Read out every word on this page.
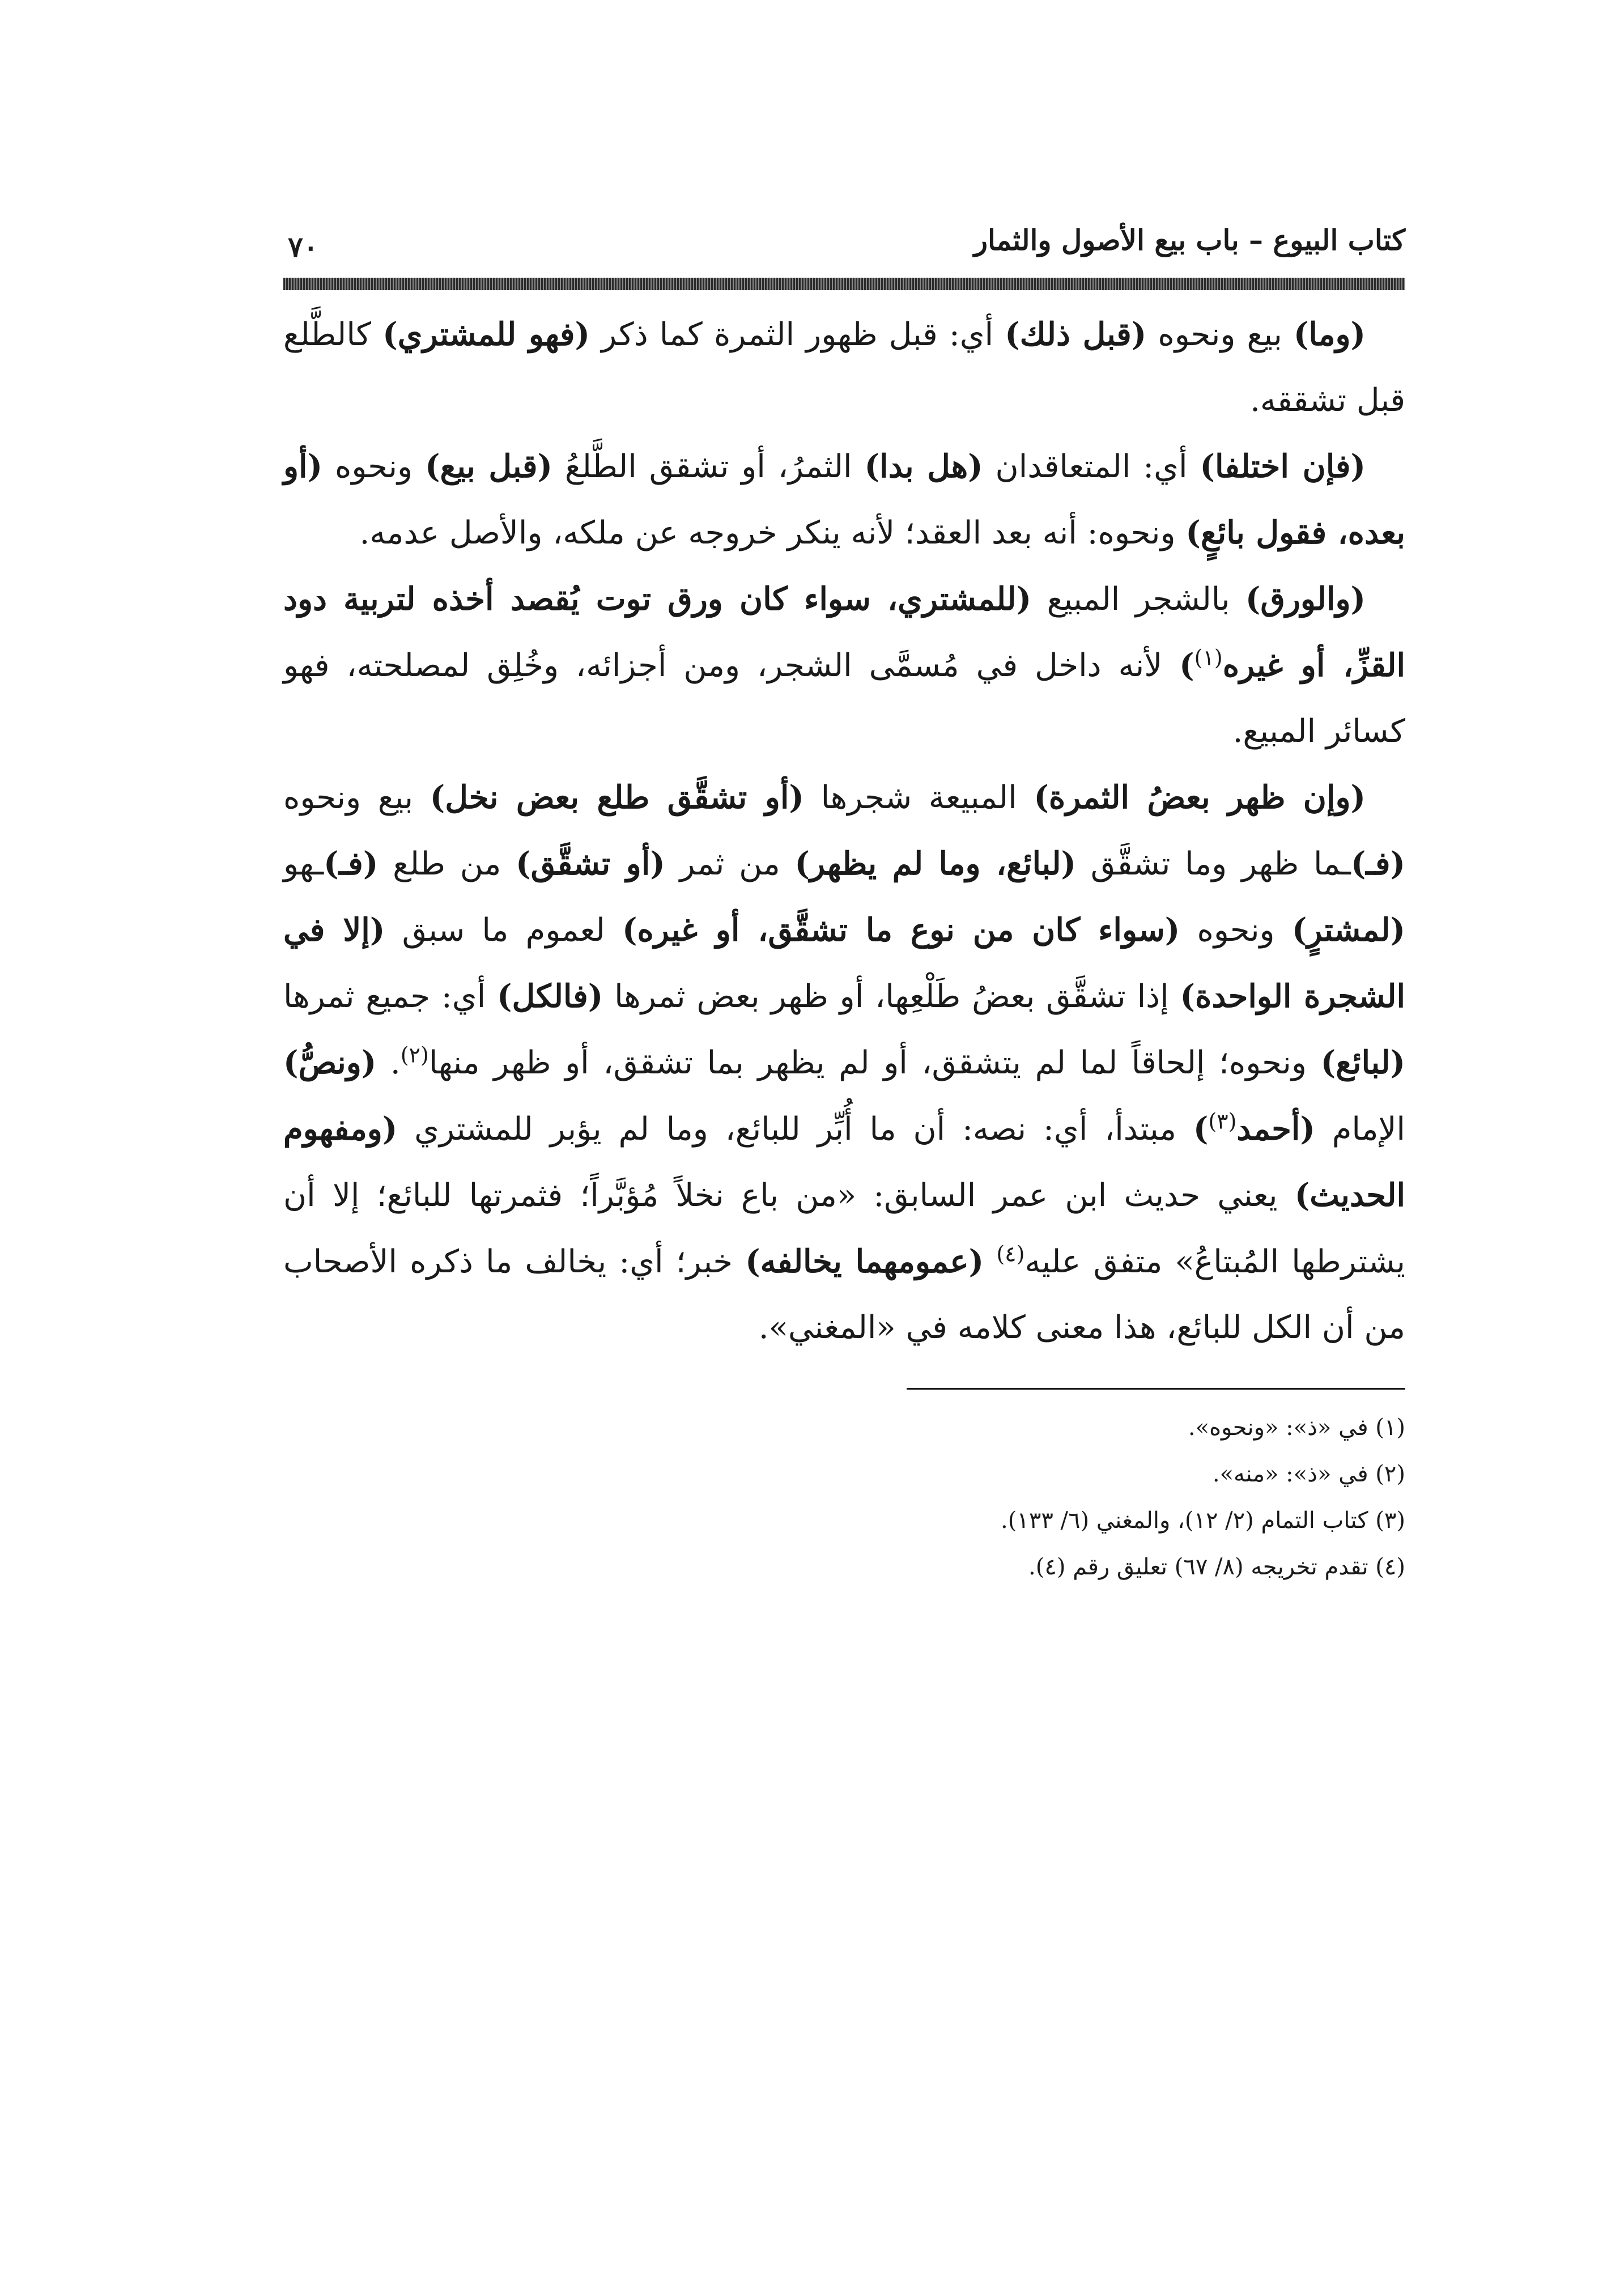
كتاب البيوع – باب بيع الأصول والثمار
٧٠

(وما) بيع ونحوه (قبل ذلك) أي: قبل ظهور الثمرة كما ذكر (فهو للمشتري) كالطَّلع قبل تشققه.

(فإن اختلفا) أي: المتعاقدان (هل بدا) الثمرُ، أو تشقق الطَّلعُ (قبل بيع) ونحوه (أو بعده، فقول بائعٍ) ونحوه: أنه بعد العقد؛ لأنه ينكر خروجه عن ملكه، والأصل عدمه.

(والورق) بالشجر المبيع (للمشتري، سواء كان ورق توت يُقصد أخذه لتربية دود القزِّ، أو غيره$^{(١)}$) لأنه داخل في مُسمَّى الشجر، ومن أجزائه، وخُلِق لمصلحته، فهو كسائر المبيع.

(وإن ظهر بعضُ الثمرة) المبيعة شجرها (أو تشقَّق طلع بعض نخل) بيع ونحوه (فـ)ـما ظهر وما تشقَّق (لبائع، وما لم يظهر) من ثمر (أو تشقَّق) من طلع (فـ)ـهو (لمشترٍ) ونحوه (سواء كان من نوع ما تشقَّق، أو غيره) لعموم ما سبق (إلا في الشجرة الواحدة) إذا تشقَّق بعضُ طَلْعِها، أو ظهر بعض ثمرها (فالكل) أي: جميع ثمرها (لبائع) ونحوه؛ إلحاقاً لما لم يتشقق، أو لم يظهر بما تشقق، أو ظهر منها$^{(٢)}$. (ونصُّ) الإمام (أحمد$^{(٣)}$) مبتدأ، أي: نصه: أن ما أُبِّر للبائع، وما لم يؤبر للمشتري (ومفهوم الحديث) يعني حديث ابن عمر السابق: «من باع نخلاً مُؤبَّراً؛ فثمرتها للبائع؛ إلا أن يشترطها المُبتاعُ» متفق عليه$^{(٤)}$ (عمومهما يخالفه) خبر؛ أي: يخالف ما ذكره الأصحاب من أن الكل للبائع، هذا معنى كلامه في «المغني».

(١) في «ذ»: «ونحوه».
(٢) في «ذ»: «منه».
(٣) كتاب التمام (٢/ ١٢)، والمغني (٦/ ١٣٣).
(٤) تقدم تخريجه (٨/ ٦٧) تعليق رقم (٤).
